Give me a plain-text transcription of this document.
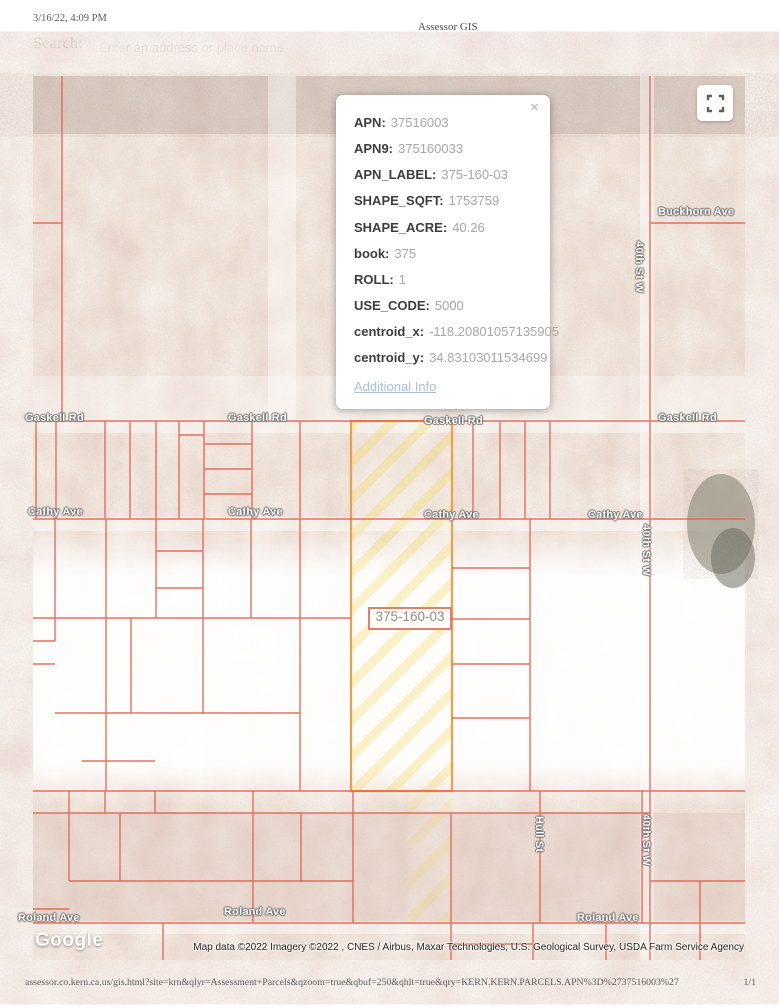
3/16/22, 4:09 PM
Assessor GIS
Search: Enter an address or place name
Buckhorn Ave
Gaskell Rd	Gaskell Rd	Gaskell Rd	Gaskell Rd
Cathy Ave	Cathy Ave	Cathy Ave	Cathy Ave
Roland Ave	Roland Ave	Roland Ave
40th St W
40th St W
40th St W
Hull St
375-160-03
×
APN: 37516003
APN9: 375160033
APN_LABEL: 375-160-03
SHAPE_SQFT: 1753759
SHAPE_ACRE: 40.26
book: 375
ROLL: 1
USE_CODE: 5000
centroid_x: -118.20801057135905
centroid_y: 34.83103011534699
Additional Info
Google	Map data ©2022 Imagery ©2022 , CNES / Airbus, Maxar Technologies, U.S. Geological Survey, USDA Farm Service Agency
assessor.co.kern.ca.us/gis.html?site=krn&qlyr=Assessment+Parcels&qzoom=true&qbuf=250&qhlt=true&qry=KERN.KERN.PARCELS.APN%3D%2737516003%27	1/1
